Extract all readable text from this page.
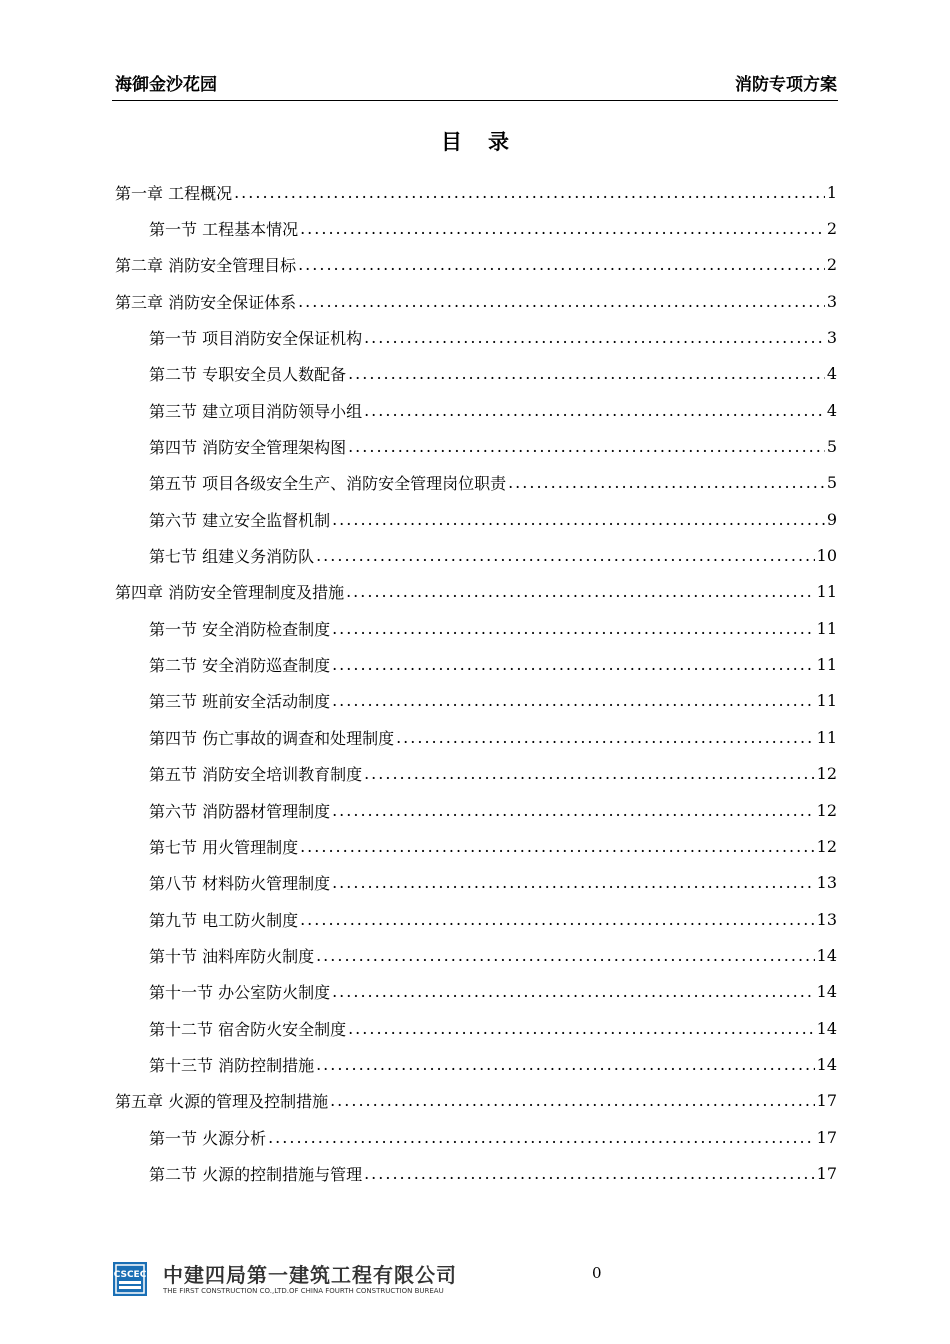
海御金沙花园	消防专项方案
目录
第一章 工程概况 .....	1
第一节 工程基本情况 .....	2
第二章 消防安全管理目标 .....	2
第三章 消防安全保证体系 .....	3
第一节 项目消防安全保证机构 .....	3
第二节 专职安全员人数配备 .....	4
第三节 建立项目消防领导小组 .....	4
第四节 消防安全管理架构图 .....	5
第五节 项目各级安全生产、消防安全管理岗位职责 .....	5
第六节 建立安全监督机制 .....	9
第七节 组建义务消防队 .....	10
第四章 消防安全管理制度及措施 .....	11
第一节 安全消防检查制度 .....	11
第二节 安全消防巡查制度 .....	11
第三节 班前安全活动制度 .....	11
第四节 伤亡事故的调查和处理制度 .....	11
第五节 消防安全培训教育制度 .....	12
第六节 消防器材管理制度 .....	12
第七节 用火管理制度 .....	12
第八节 材料防火管理制度 .....	13
第九节 电工防火制度 .....	13
第十节 油料库防火制度 .....	14
第十一节 办公室防火制度 .....	14
第十二节 宿舍防火安全制度 .....	14
第十三节 消防控制措施 .....	14
第五章 火源的管理及控制措施 .....	17
第一节 火源分析 .....	17
第二节 火源的控制措施与管理 .....	17
CSCEC 中建四局第一建筑工程有限公司
THE FIRST CONSTRUCTION CO.,LTD.OF CHINA FOURTH CONSTRUCTION BUREAU
0
